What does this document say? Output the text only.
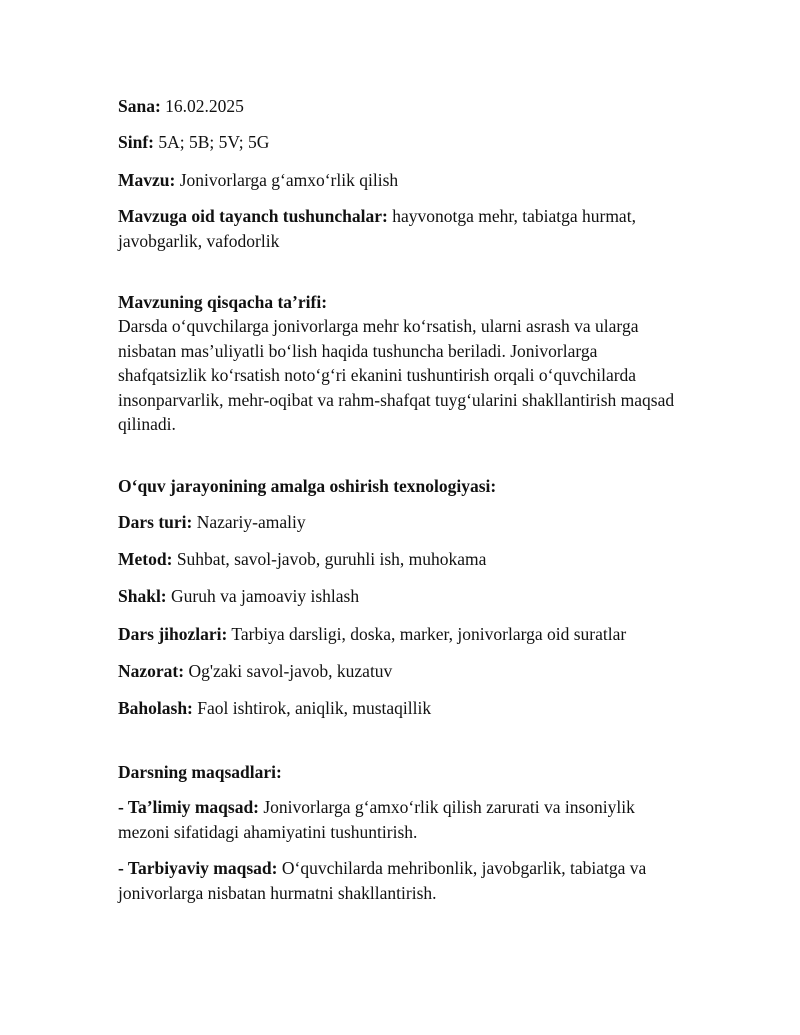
Sana: 16.02.2025
Sinf: 5A; 5B; 5V; 5G
Mavzu: Jonivorlarga g‘amxo‘rlik qilish
Mavzuga oid tayanch tushunchalar: hayvonotga mehr, tabiatga hurmat, javobgarlik, vafodorlik
Mavzuning qisqacha ta’rifi:
Darsda o‘quvchilarga jonivorlarga mehr ko‘rsatish, ularni asrash va ularga nisbatan mas’uliyatli bo‘lish haqida tushuncha beriladi. Jonivorlarga shafqatsizlik ko‘rsatish noto‘g‘ri ekanini tushuntirish orqali o‘quvchilarda insonparvarlik, mehr-oqibat va rahm-shafqat tuyg‘ularini shakllantirish maqsad qilinadi.
O‘quv jarayonining amalga oshirish texnologiyasi:
Dars turi: Nazariy-amaliy
Metod: Suhbat, savol-javob, guruhli ish, muhokama
Shakl: Guruh va jamoaviy ishlash
Dars jihozlari: Tarbiya darsligi, doska, marker, jonivorlarga oid suratlar
Nazorat: Og'zaki savol-javob, kuzatuv
Baholash: Faol ishtirok, aniqlik, mustaqillik
Darsning maqsadlari:
- Ta’limiy maqsad: Jonivorlarga g‘amxo‘rlik qilish zarurati va insoniylik mezoni sifatidagi ahamiyatini tushuntirish.
- Tarbiyaviy maqsad: O‘quvchilarda mehribonlik, javobgarlik, tabiatga va jonivorlarga nisbatan hurmatni shakllantirish.
